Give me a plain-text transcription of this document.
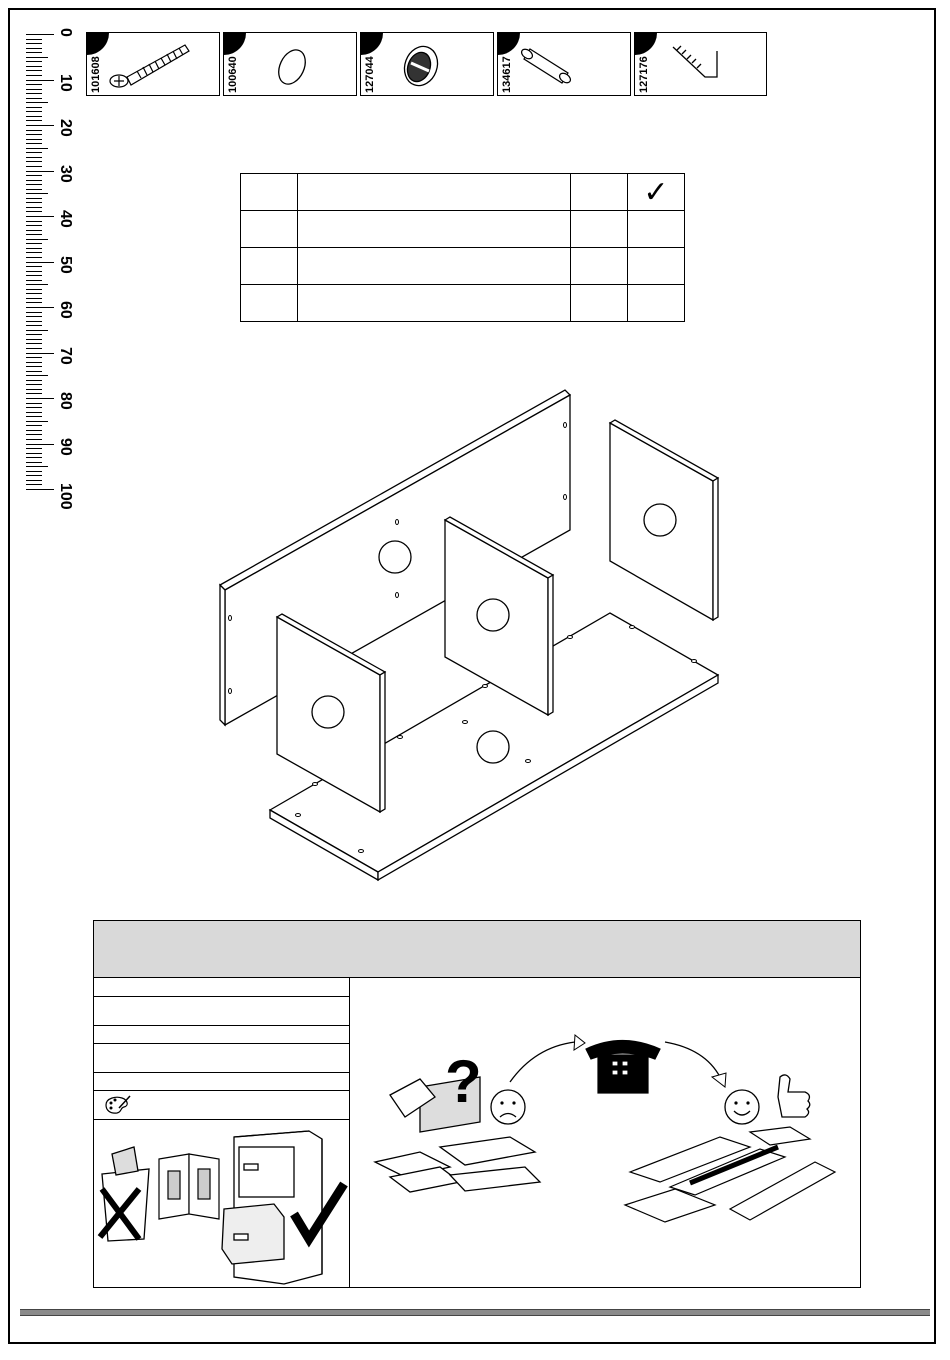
0
10
20
30
40
50
60
70
80
90
100
101608	100640	127044	134617	127176
			✓

?
